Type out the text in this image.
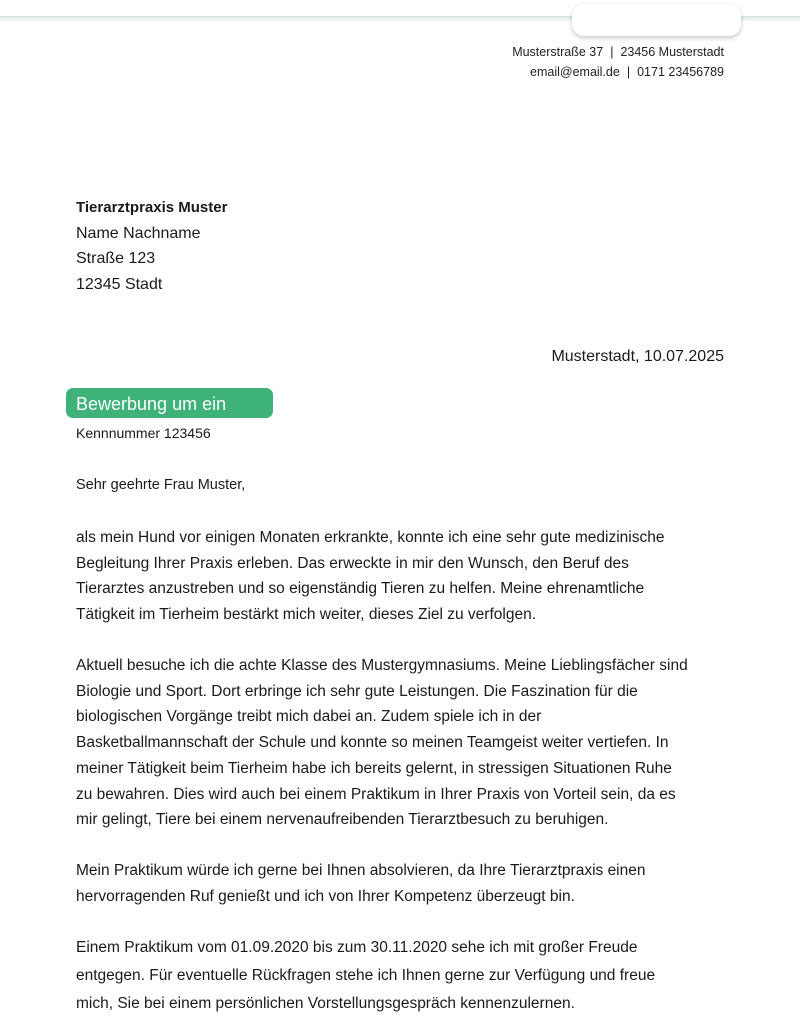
Musterstraße 37 | 23456 Musterstadt
email@email.de | 0171 23456789
Tierarztpraxis Muster
Name Nachname
Straße 123
12345 Stadt
Musterstadt, 10.07.2025
Bewerbung um ein
Kennnummer 123456
Sehr geehrte Frau Muster,
als mein Hund vor einigen Monaten erkrankte, konnte ich eine sehr gute medizinische
Begleitung Ihrer Praxis erleben. Das erweckte in mir den Wunsch, den Beruf des
Tierarztes anzustreben und so eigenständig Tieren zu helfen. Meine ehrenamtliche
Tätigkeit im Tierheim bestärkt mich weiter, dieses Ziel zu verfolgen.
Aktuell besuche ich die achte Klasse des Mustergymnasiums. Meine Lieblingsfächer sind
Biologie und Sport. Dort erbringe ich sehr gute Leistungen. Die Faszination für die
biologischen Vorgänge treibt mich dabei an. Zudem spiele ich in der
Basketballmannschaft der Schule und konnte so meinen Teamgeist weiter vertiefen. In
meiner Tätigkeit beim Tierheim habe ich bereits gelernt, in stressigen Situationen Ruhe
zu bewahren. Dies wird auch bei einem Praktikum in Ihrer Praxis von Vorteil sein, da es
mir gelingt, Tiere bei einem nervenaufreibenden Tierarztbesuch zu beruhigen.
Mein Praktikum würde ich gerne bei Ihnen absolvieren, da Ihre Tierarztpraxis einen
hervorragenden Ruf genießt und ich von Ihrer Kompetenz überzeugt bin.
Einem Praktikum vom 01.09.2020 bis zum 30.11.2020 sehe ich mit großer Freude
entgegen. Für eventuelle Rückfragen stehe ich Ihnen gerne zur Verfügung und freue
mich, Sie bei einem persönlichen Vorstellungsgespräch kennenzulernen.
